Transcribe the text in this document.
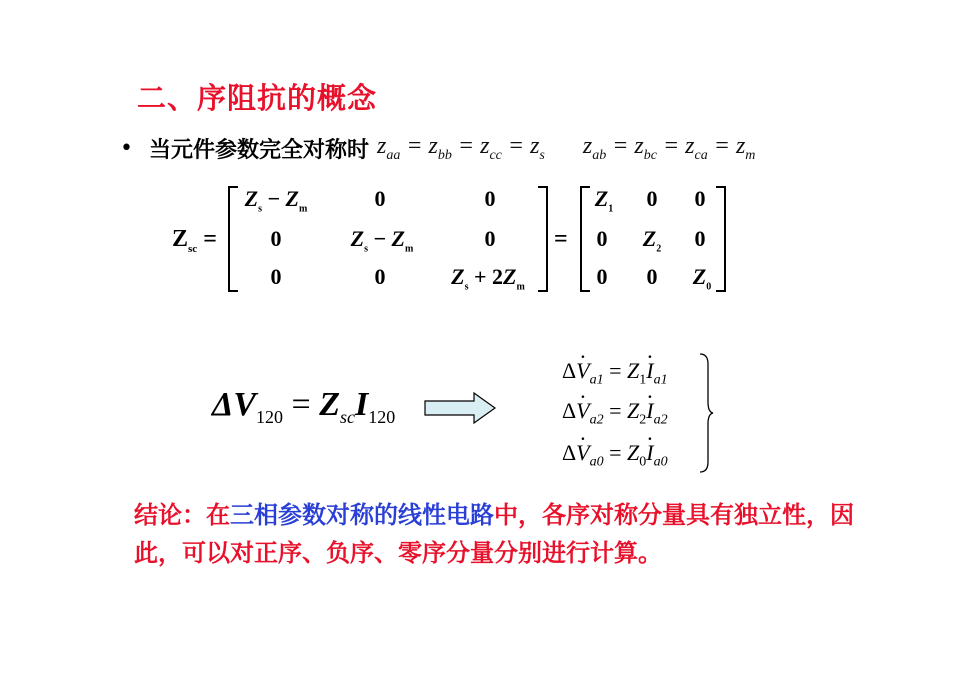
二、序阻抗的概念
• 当元件参数完全对称时 $z_{aa} = z_{bb} = z_{cc} = z_s$ $z_{ab} = z_{bc} = z_{ca} = z_m$
$Z_{sc}$ =
$Z_s - Z_m$	0	0
0	$Z_s - Z_m$	0
0	0	$Z_s + 2Z_m$
=
$Z_1$ 0 0
0 $Z_2$ 0
0 0 $Z_0$
$\Delta V_{120} = Z_{sc}I_{120}$
$\Delta\cdot V_{a1} = Z_1\cdot I_{a1}$
$\Delta\cdot V_{a2} = Z_2\cdot I_{a2}$
$\Delta\cdot V_{a0} = Z_0\cdot I_{a0}$
结论：在三相参数对称的线性电路中，各序对称分量具有独立性，因此，可以对正序、负序、零序分量分别进行计算。
